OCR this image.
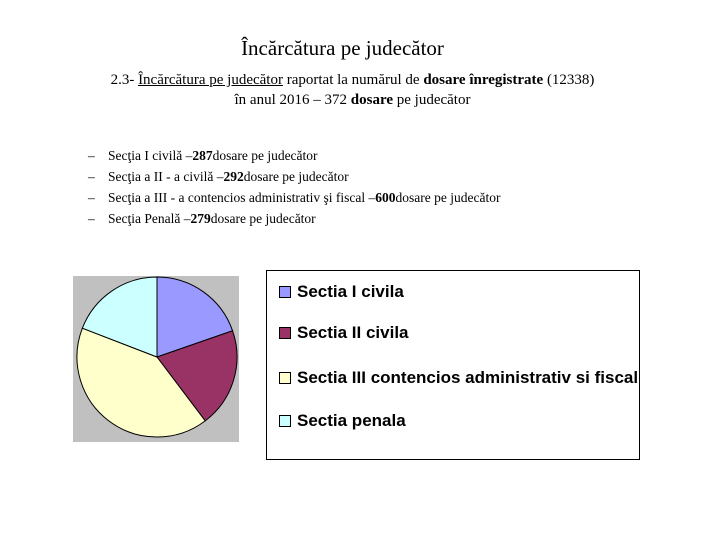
Încărcătura pe judecător
2.3- Încărcătura pe judecător raportat la numărul de dosare înregistrate (12338)
în anul 2016 – 372 dosare pe judecător
– Secţia I civilă – 287 dosare pe judecător
– Secţia a II - a civilă – 292 dosare pe judecător
– Secţia a III - a contencios administrativ şi fiscal – 600 dosare pe judecător
– Secţia Penală – 279 dosare pe judecător
Sectia I civila
Sectia II civila
Sectia III contencios administrativ si fiscal
Sectia penala
